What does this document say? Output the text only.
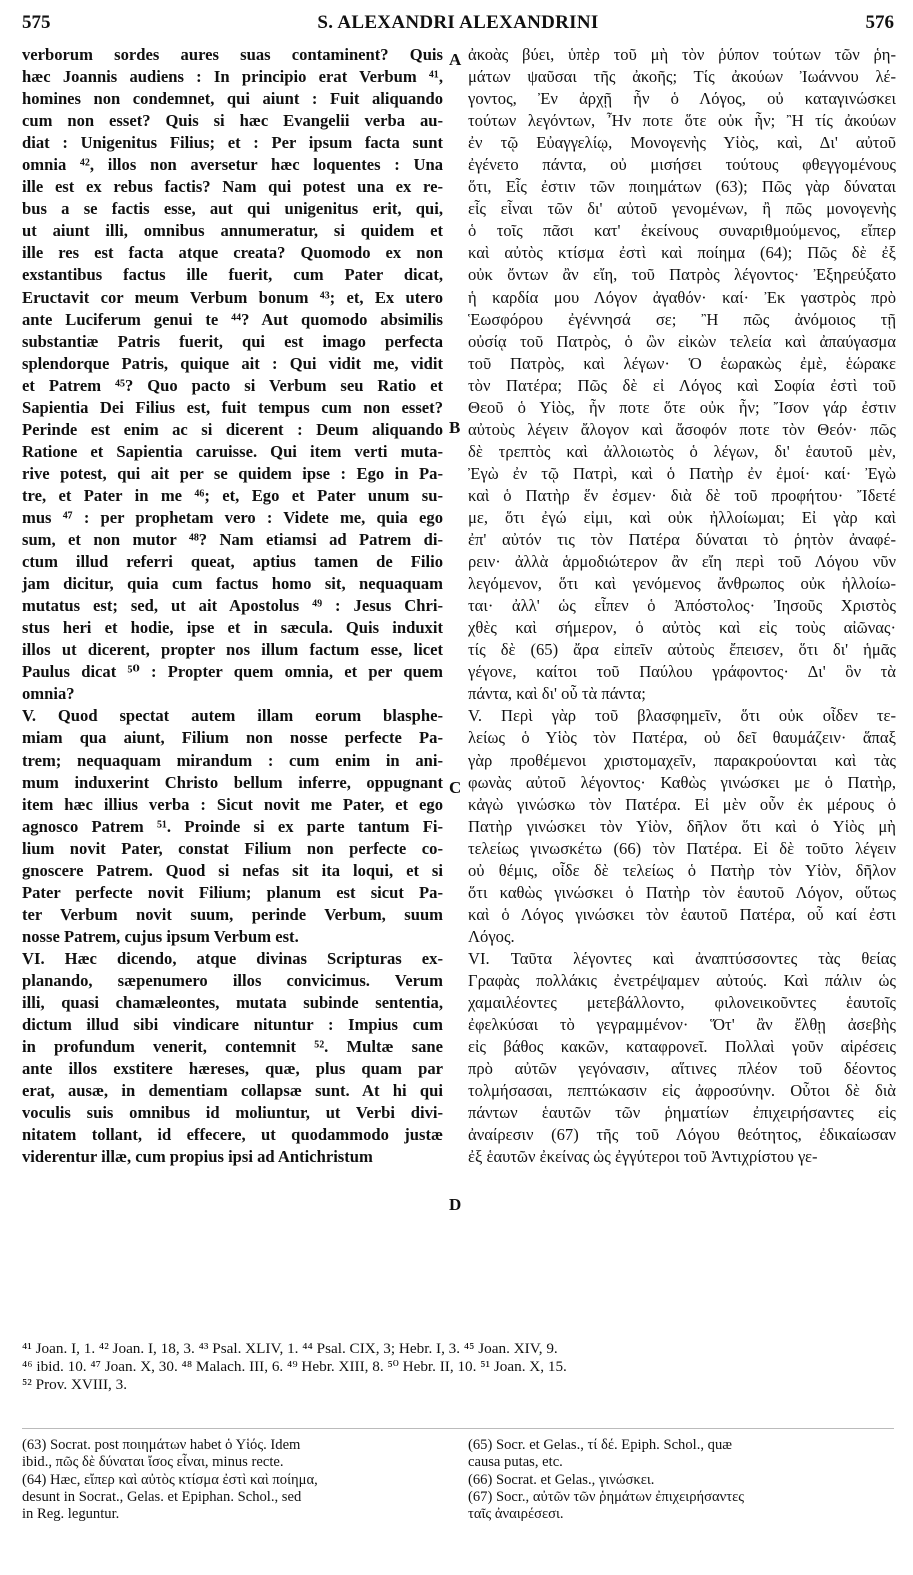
575	S. ALEXANDRI ALEXANDRINI	576
verborum sordes aures suas contaminent? Quis
hæc Joannis audiens : In principio erat Verbum ⁴¹,
homines non condemnet, qui aiunt : Fuit aliquando
cum non esset? Quis si hæc Evangelii verba au-
diat : Unigenitus Filius; et : Per ipsum facta sunt
omnia ⁴², illos non aversetur hæc loquentes : Una
ille est ex rebus factis? Nam qui potest una ex re-
bus a se factis esse, aut qui unigenitus erit, qui,
ut aiunt illi, omnibus annumeratur, si quidem et
ille res est facta atque creata? Quomodo ex non
exstantibus factus ille fuerit, cum Pater dicat,
Eructavit cor meum Verbum bonum ⁴³; et, Ex utero
ante Luciferum genui te ⁴⁴? Aut quomodo absimilis
substantiæ Patris fuerit, qui est imago perfecta
splendorque Patris, quique ait : Qui vidit me, vidit
et Patrem ⁴⁵? Quo pacto si Verbum seu Ratio et
Sapientia Dei Filius est, fuit tempus cum non esset?
Perinde est enim ac si dicerent : Deum aliquando
Ratione et Sapientia caruisse. Qui item verti muta-
rive potest, qui ait per se quidem ipse : Ego in Pa-
tre, et Pater in me ⁴⁶; et, Ego et Pater unum su-
mus ⁴⁷ : per prophetam vero : Videte me, quia ego
sum, et non mutor ⁴⁸? Nam etiamsi ad Patrem di-
ctum illud referri queat, aptius tamen de Filio
jam dicitur, quia cum factus homo sit, nequaquam
mutatus est; sed, ut ait Apostolus ⁴⁹ : Jesus Chri-
stus heri et hodie, ipse et in sæcula. Quis induxit
illos ut dicerent, propter nos illum factum esse, licet
Paulus dicat ⁵⁰ : Propter quem omnia, et per quem
omnia?
V. Quod spectat autem illam eorum blasphe-
miam qua aiunt, Filium non nosse perfecte Pa-
trem; nequaquam mirandum : cum enim in ani-
mum induxerint Christo bellum inferre, oppugnant
item hæc illius verba : Sicut novit me Pater, et ego
agnosco Patrem ⁵¹. Proinde si ex parte tantum Fi-
lium novit Pater, constat Filium non perfecte co-
gnoscere Patrem. Quod si nefas sit ita loqui, et si
Pater perfecte novit Filium; planum est sicut Pa-
ter Verbum novit suum, perinde Verbum, suum
nosse Patrem, cujus ipsum Verbum est.
VI. Hæc dicendo, atque divinas Scripturas ex-
planando, sæpenumero illos convicimus. Verum
illi, quasi chamæleontes, mutata subinde sententia,
dictum illud sibi vindicare nituntur : Impius cum
in profundum venerit, contemnit ⁵². Multæ sane
ante illos exstitere hæreses, quæ, plus quam par
erat, ausæ, in dementiam collapsæ sunt. At hi qui
voculis suis omnibus id moliuntur, ut Verbi divi-
nitatem tollant, id effecere, ut quodammodo justæ
viderentur illæ, cum propius ipsi ad Antichristum
ἀκοὰς βύει, ὑπὲρ τοῦ μὴ τὸν ῥύπον τούτων τῶν ῥη-
μάτων ψαῦσαι τῆς ἀκοῆς; Τίς ἀκούων Ἰωάννου λέ-
γοντος, Ἐν ἀρχῇ ἦν ὁ Λόγος, οὐ καταγινώσκει
τούτων λεγόντων, Ἦν ποτε ὅτε οὐκ ἦν; Ἢ τίς ἀκούων
ἐν τῷ Εὐαγγελίῳ, Μονογενὴς Υἱὸς, καὶ, Δι' αὐτοῦ
ἐγένετο πάντα, οὐ μισήσει τούτους φθεγγομένους
ὅτι, Εἷς ἐστιν τῶν ποιημάτων (63); Πῶς γὰρ δύναται
εἷς εἶναι τῶν δι' αὐτοῦ γενομένων, ἢ πῶς μονογενὴς
ὁ τοῖς πᾶσι κατ' ἐκείνους συναριθμούμενος, εἴπερ
καὶ αὐτὸς κτίσμα ἐστὶ καὶ ποίημα (64); Πῶς δὲ ἐξ
οὐκ ὄντων ἂν εἴη, τοῦ Πατρὸς λέγοντος· Ἐξηρεύξατο
ἡ καρδία μου Λόγον ἀγαθόν· καί· Ἐκ γαστρὸς πρὸ
Ἑωσφόρου ἐγέννησά σε; Ἢ πῶς ἀνόμοιος τῇ
οὐσίᾳ τοῦ Πατρὸς, ὁ ὢν εἰκὼν τελεία καὶ ἀπαύγασμα
τοῦ Πατρὸς, καὶ λέγων· Ὁ ἑωρακὼς ἐμὲ, ἑώρακε
τὸν Πατέρα; Πῶς δὲ εἰ Λόγος καὶ Σοφία ἐστὶ τοῦ
Θεοῦ ὁ Υἱὸς, ἦν ποτε ὅτε οὐκ ἦν; Ἴσον γάρ ἐστιν
αὐτοὺς λέγειν ἄλογον καὶ ἄσοφόν ποτε τὸν Θεόν· πῶς
δὲ τρεπτὸς καὶ ἀλλοιωτὸς ὁ λέγων, δι' ἑαυτοῦ μὲν,
Ἐγὼ ἐν τῷ Πατρὶ, καὶ ὁ Πατὴρ ἐν ἐμοί· καί· Ἐγὼ
καὶ ὁ Πατὴρ ἕν ἐσμεν· διὰ δὲ τοῦ προφήτου· Ἴδετέ
με, ὅτι ἐγώ εἰμι, καὶ οὐκ ἠλλοίωμαι; Εἰ γὰρ καὶ
ἐπ' αὐτόν τις τὸν Πατέρα δύναται τὸ ῥητὸν ἀναφέ-
ρειν· ἀλλὰ ἁρμοδιώτερον ἂν εἴη περὶ τοῦ Λόγου νῦν
λεγόμενον, ὅτι καὶ γενόμενος ἄνθρωπος οὐκ ἠλλοίω-
ται· ἀλλ' ὡς εἶπεν ὁ Ἀπόστολος· Ἰησοῦς Χριστὸς
χθὲς καὶ σήμερον, ὁ αὐτὸς καὶ εἰς τοὺς αἰῶνας·
τίς δὲ (65) ἄρα εἰπεῖν αὐτοὺς ἔπεισεν, ὅτι δι' ἡμᾶς
γέγονε, καίτοι τοῦ Παύλου γράφοντος· Δι' ὃν τὰ
πάντα, καὶ δι' οὗ τὰ πάντα;
V. Περὶ γὰρ τοῦ βλασφημεῖν, ὅτι οὐκ οἶδεν τε-
λείως ὁ Υἱὸς τὸν Πατέρα, οὐ δεῖ θαυμάζειν· ἅπαξ
γὰρ προθέμενοι χριστομαχεῖν, παρακρούονται καὶ τὰς
φωνὰς αὐτοῦ λέγοντος· Καθὼς γινώσκει με ὁ Πατὴρ,
κἀγὼ γινώσκω τὸν Πατέρα. Εἰ μὲν οὖν ἐκ μέρους ὁ
Πατὴρ γινώσκει τὸν Υἱὸν, δῆλον ὅτι καὶ ὁ Υἱὸς μὴ
τελείως γινωσκέτω (66) τὸν Πατέρα. Εἰ δὲ τοῦτο λέγειν
οὐ θέμις, οἶδε δὲ τελείως ὁ Πατὴρ τὸν Υἱὸν, δῆλον
ὅτι καθὼς γινώσκει ὁ Πατὴρ τὸν ἑαυτοῦ Λόγον, οὕτως
καὶ ὁ Λόγος γινώσκει τὸν ἑαυτοῦ Πατέρα, οὗ καί ἐστι
Λόγος.
VI. Ταῦτα λέγοντες καὶ ἀναπτύσσοντες τὰς θείας
Γραφὰς πολλάκις ἐνετρέψαμεν αὐτούς. Καὶ πάλιν ὡς
χαμαιλέοντες μετεβάλλοντο, φιλονεικοῦντες ἑαυτοῖς
ἐφελκύσαι τὸ γεγραμμένον· Ὅτ' ἂν ἔλθῃ ἀσεβὴς
εἰς βάθος κακῶν, καταφρονεῖ. Πολλαὶ γοῦν αἱρέσεις
πρὸ αὐτῶν γεγόνασιν, αἵτινες πλέον τοῦ δέοντος
τολμήσασαι, πεπτώκασιν εἰς ἀφροσύνην. Οὗτοι δὲ διὰ
πάντων ἑαυτῶν τῶν ῥηματίων ἐπιχειρήσαντες εἰς
ἀναίρεσιν (67) τῆς τοῦ Λόγου θεότητος, ἐδικαίωσαν
ἐξ ἑαυτῶν ἐκείνας ὡς ἐγγύτεροι τοῦ Ἀντιχρίστου γε-
A
B
C
D
⁴¹ Joan. I, 1. ⁴² Joan. I, 18, 3. ⁴³ Psal. XLIV, 1. ⁴⁴ Psal. CIX, 3; Hebr. I, 3. ⁴⁵ Joan. XIV, 9.
⁴⁶ ibid. 10. ⁴⁷ Joan. X, 30. ⁴⁸ Malach. III, 6. ⁴⁹ Hebr. XIII, 8. ⁵⁰ Hebr. II, 10. ⁵¹ Joan. X, 15.
⁵² Prov. XVIII, 3.
(63) Socrat. post ποιημάτων habet ὁ Υἱός. Idem
ibid., πῶς δὲ δύναται ἴσος εἶναι, minus recte.
(64) Hæc, εἴπερ καὶ αὐτὸς κτίσμα ἐστὶ καὶ ποίημα,
desunt in Socrat., Gelas. et Epiphan. Schol., sed
in Reg. leguntur.
(65) Socr. et Gelas., τί δέ. Epiph. Schol., quæ
causa putas, etc.
(66) Socrat. et Gelas., γινώσκει.
(67) Socr., αὐτῶν τῶν ῥημάτων ἐπιχειρήσαντες
ταῖς ἀναιρέσεσι.
